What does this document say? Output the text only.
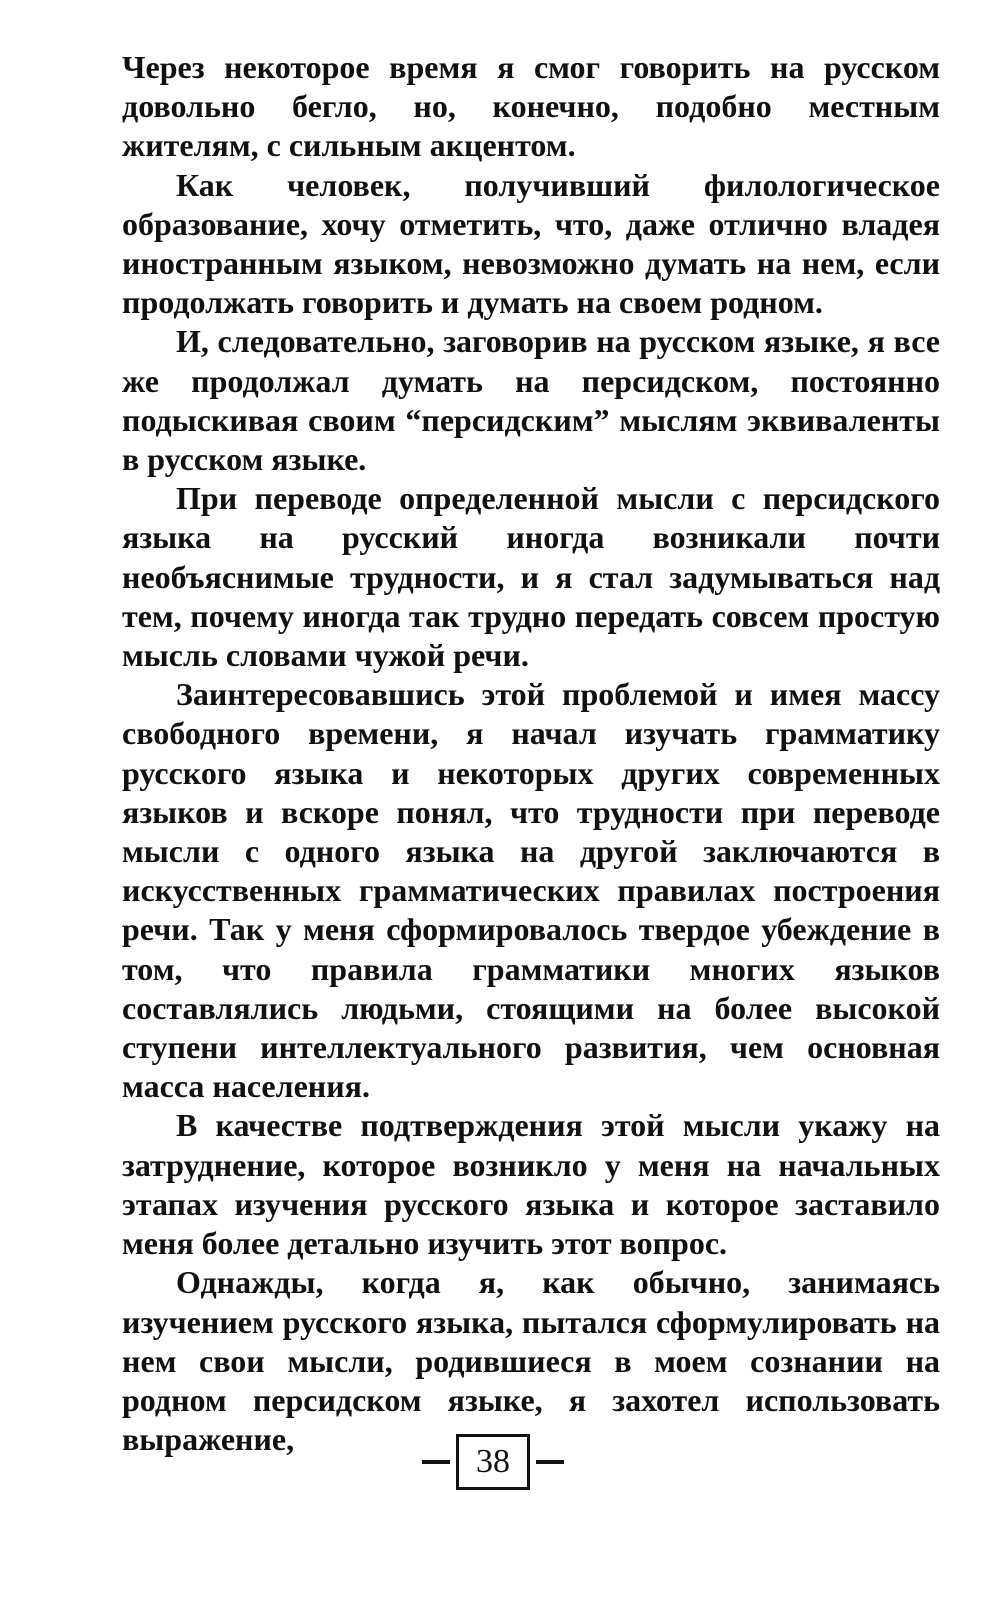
Через некоторое время я смог говорить на русском довольно бегло, но, конечно, подобно местным жителям, с сильным акцентом.

Как человек, получивший филологическое образование, хочу отметить, что, даже отлично владея иностранным языком, невозможно думать на нем, если продолжать говорить и думать на своем родном.

И, следовательно, заговорив на русском языке, я все же продолжал думать на персидском, постоянно подыскивая своим “персидским” мыслям эквиваленты в русском языке.

При переводе определенной мысли с персидского языка на русский иногда возникали почти необъяснимые трудности, и я стал задумываться над тем, почему иногда так трудно передать совсем простую мысль словами чужой речи.

Заинтересовавшись этой проблемой и имея массу свободного времени, я начал изучать грамматику русского языка и некоторых других современных языков и вскоре понял, что трудности при переводе мысли с одного языка на другой заключаются в искусственных грамматических правилах построения речи. Так у меня сформировалось твердое убеждение в том, что правила грамматики многих языков составлялись людьми, стоящими на более высокой ступени интеллектуального развития, чем основная масса населения.

В качестве подтверждения этой мысли укажу на затруднение, которое возникло у меня на начальных этапах изучения русского языка и которое заставило меня более детально изучить этот вопрос.

Однажды, когда я, как обычно, занимаясь изучением русского языка, пытался сформулировать на нем свои мысли, родившиеся в моем сознании на родном персидском языке, я захотел использовать выражение,

38
